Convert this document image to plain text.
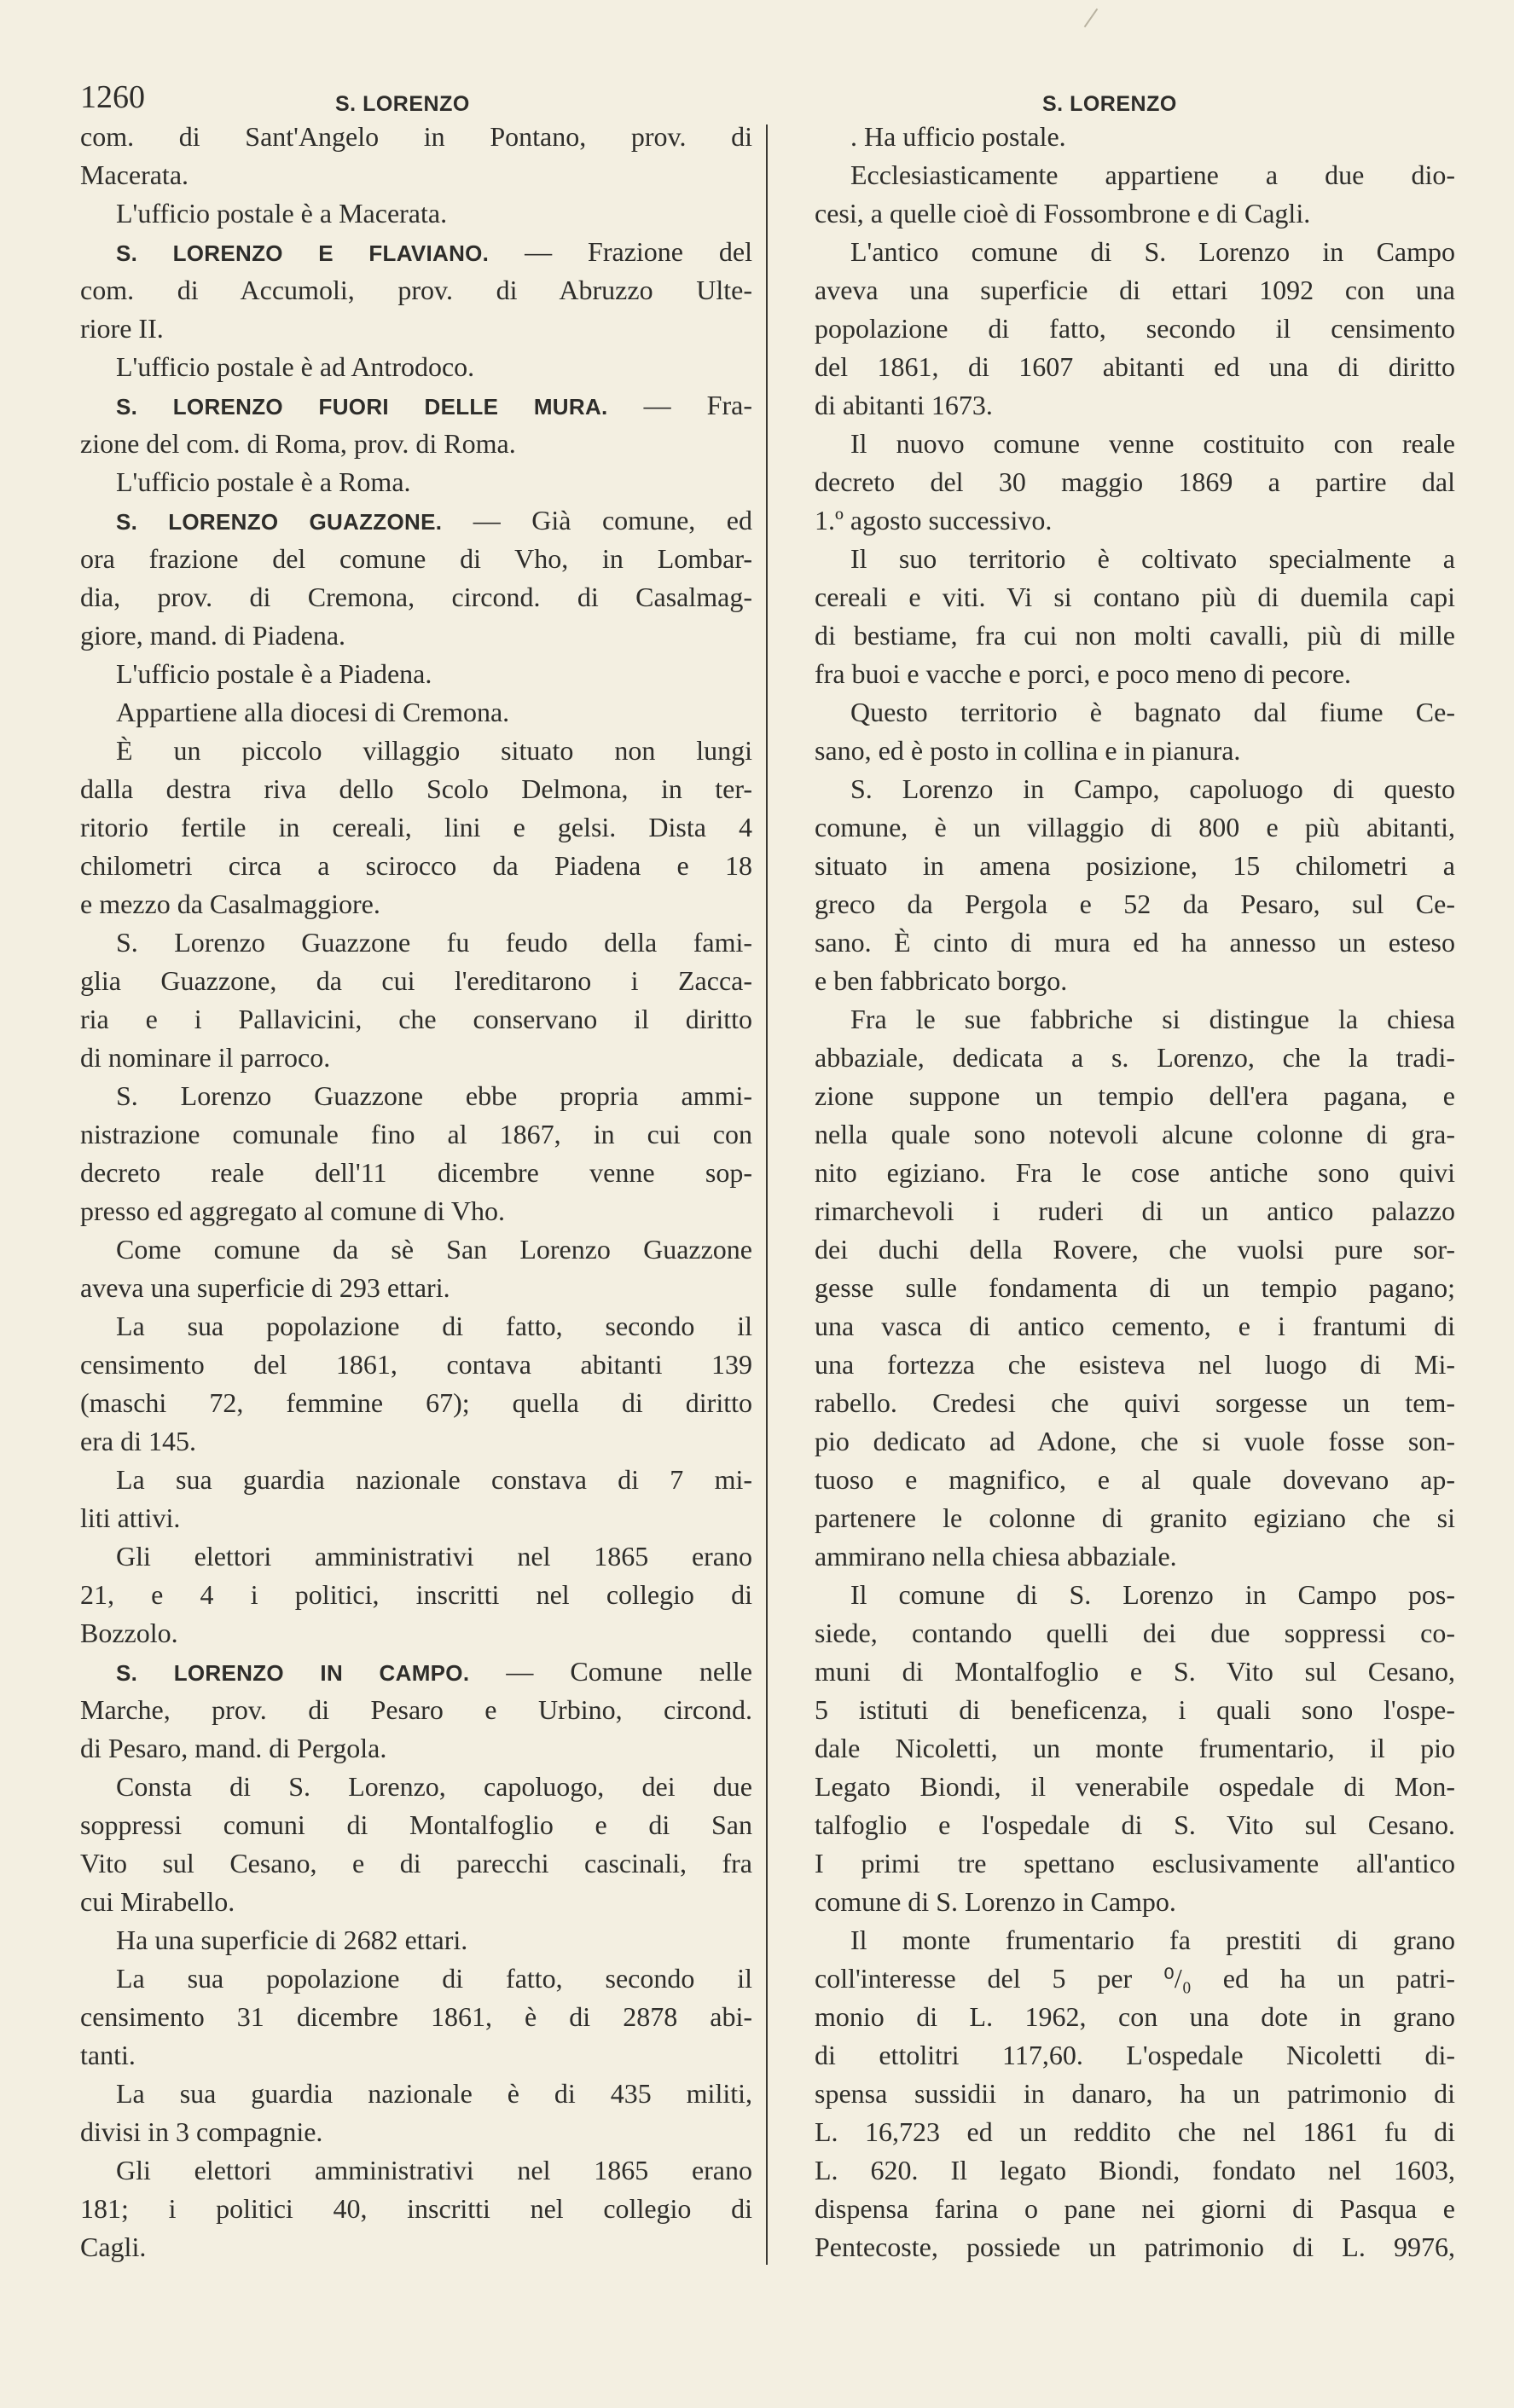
1260	S. LORENZO	S. LORENZO
com. di Sant'Angelo in Pontano, prov. di
Macerata.
L'ufficio postale è a Macerata.
S. LORENZO E FLAVIANO. — Frazione del
com. di Accumoli, prov. di Abruzzo Ulte-
riore II.
L'ufficio postale è ad Antrodoco.
S. LORENZO FUORI DELLE MURA. — Fra-
zione del com. di Roma, prov. di Roma.
L'ufficio postale è a Roma.
S. LORENZO GUAZZONE. — Già comune, ed
ora frazione del comune di Vho, in Lombar-
dia, prov. di Cremona, circond. di Casalmag-
giore, mand. di Piadena.
L'ufficio postale è a Piadena.
Appartiene alla diocesi di Cremona.
È un piccolo villaggio situato non lungi
dalla destra riva dello Scolo Delmona, in ter-
ritorio fertile in cereali, lini e gelsi. Dista 4
chilometri circa a scirocco da Piadena e 18
e mezzo da Casalmaggiore.
S. Lorenzo Guazzone fu feudo della fami-
glia Guazzone, da cui l'ereditarono i Zacca-
ria e i Pallavicini, che conservano il diritto
di nominare il parroco.
S. Lorenzo Guazzone ebbe propria ammi-
nistrazione comunale fino al 1867, in cui con
decreto reale dell'11 dicembre venne sop-
presso ed aggregato al comune di Vho.
Come comune da sè San Lorenzo Guazzone
aveva una superficie di 293 ettari.
La sua popolazione di fatto, secondo il
censimento del 1861, contava abitanti 139
(maschi 72, femmine 67); quella di diritto
era di 145.
La sua guardia nazionale constava di 7 mi-
liti attivi.
Gli elettori amministrativi nel 1865 erano
21, e 4 i politici, inscritti nel collegio di
Bozzolo.
S. LORENZO IN CAMPO. — Comune nelle
Marche, prov. di Pesaro e Urbino, circond.
di Pesaro, mand. di Pergola.
Consta di S. Lorenzo, capoluogo, dei due
soppressi comuni di Montalfoglio e di San
Vito sul Cesano, e di parecchi cascinali, fra
cui Mirabello.
Ha una superficie di 2682 ettari.
La sua popolazione di fatto, secondo il
censimento 31 dicembre 1861, è di 2878 abi-
tanti.
La sua guardia nazionale è di 435 militi,
divisi in 3 compagnie.
Gli elettori amministrativi nel 1865 erano
181; i politici 40, inscritti nel collegio di
Cagli.
. Ha ufficio postale.
Ecclesiasticamente appartiene a due dio-
cesi, a quelle cioè di Fossombrone e di Cagli.
L'antico comune di S. Lorenzo in Campo
aveva una superficie di ettari 1092 con una
popolazione di fatto, secondo il censimento
del 1861, di 1607 abitanti ed una di diritto
di abitanti 1673.
Il nuovo comune venne costituito con reale
decreto del 30 maggio 1869 a partire dal
1.º agosto successivo.
Il suo territorio è coltivato specialmente a
cereali e viti. Vi si contano più di duemila capi
di bestiame, fra cui non molti cavalli, più di mille
fra buoi e vacche e porci, e poco meno di pecore.
Questo territorio è bagnato dal fiume Ce-
sano, ed è posto in collina e in pianura.
S. Lorenzo in Campo, capoluogo di questo
comune, è un villaggio di 800 e più abitanti,
situato in amena posizione, 15 chilometri a
greco da Pergola e 52 da Pesaro, sul Ce-
sano. È cinto di mura ed ha annesso un esteso
e ben fabbricato borgo.
Fra le sue fabbriche si distingue la chiesa
abbaziale, dedicata a s. Lorenzo, che la tradi-
zione suppone un tempio dell'era pagana, e
nella quale sono notevoli alcune colonne di gra-
nito egiziano. Fra le cose antiche sono quivi
rimarchevoli i ruderi di un antico palazzo
dei duchi della Rovere, che vuolsi pure sor-
gesse sulle fondamenta di un tempio pagano;
una vasca di antico cemento, e i frantumi di
una fortezza che esisteva nel luogo di Mi-
rabello. Credesi che quivi sorgesse un tem-
pio dedicato ad Adone, che si vuole fosse son-
tuoso e magnifico, e al quale dovevano ap-
partenere le colonne di granito egiziano che si
ammirano nella chiesa abbaziale.
Il comune di S. Lorenzo in Campo pos-
siede, contando quelli dei due soppressi co-
muni di Montalfoglio e S. Vito sul Cesano,
5 istituti di beneficenza, i quali sono l'ospe-
dale Nicoletti, un monte frumentario, il pio
Legato Biondi, il venerabile ospedale di Mon-
talfoglio e l'ospedale di S. Vito sul Cesano.
I primi tre spettano esclusivamente all'antico
comune di S. Lorenzo in Campo.
Il monte frumentario fa prestiti di grano
coll'interesse del 5 per ⁰/₀ ed ha un patri-
monio di L. 1962, con una dote in grano
di ettolitri 117,60. L'ospedale Nicoletti di-
spensa sussidii in danaro, ha un patrimonio di
L. 16,723 ed un reddito che nel 1861 fu di
L. 620. Il legato Biondi, fondato nel 1603,
dispensa farina o pane nei giorni di Pasqua e
Pentecoste, possiede un patrimonio di L. 9976,
